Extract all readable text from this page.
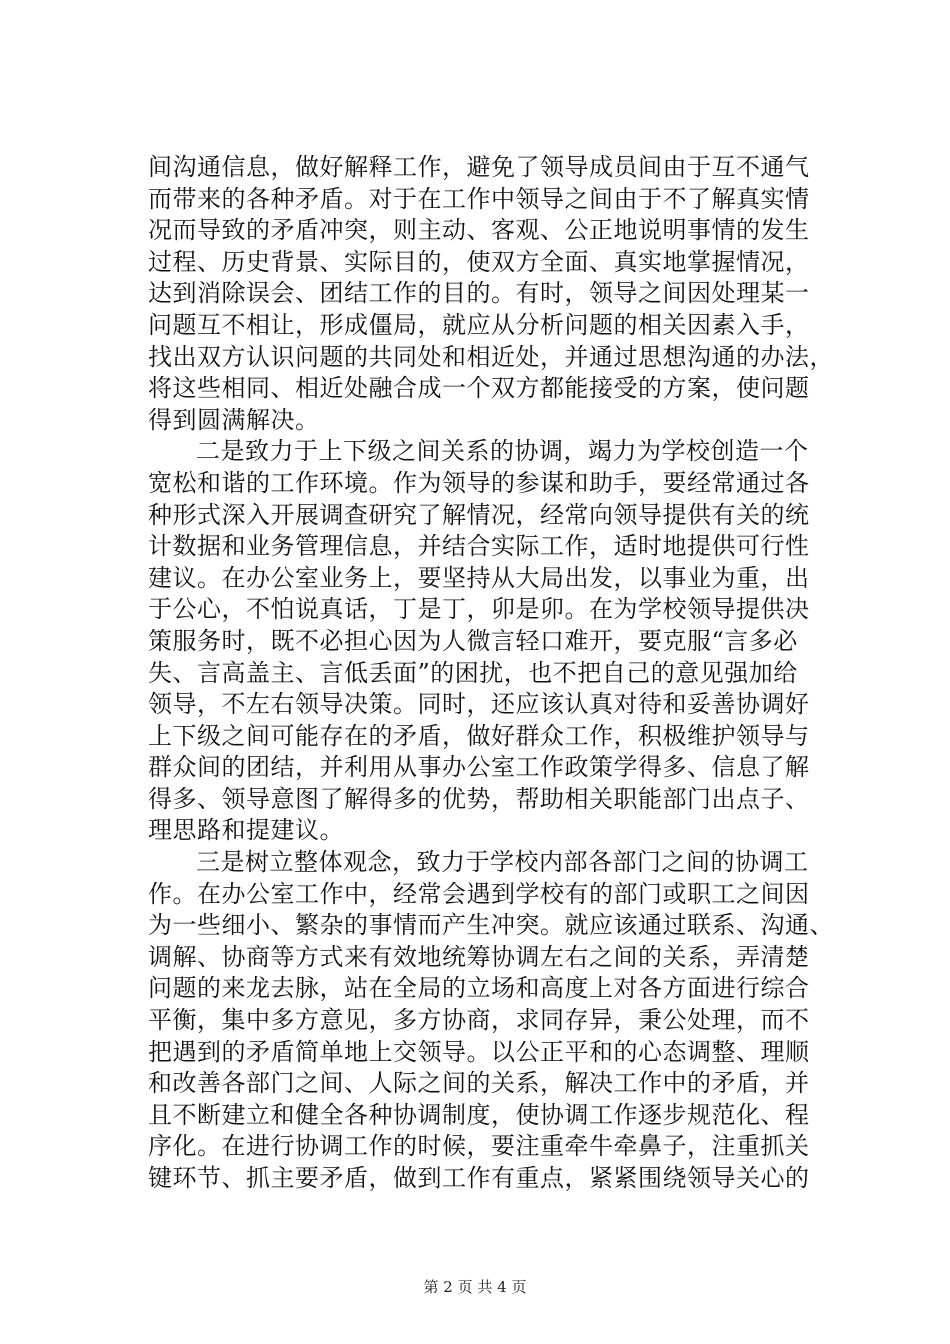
间沟通信息，做好解释工作，避免了领导成员间由于互不通气
而带来的各种矛盾。对于在工作中领导之间由于不了解真实情
况而导致的矛盾冲突，则主动、客观、公正地说明事情的发生
过程、历史背景、实际目的，使双方全面、真实地掌握情况，
达到消除误会、团结工作的目的。有时，领导之间因处理某一
问题互不相让，形成僵局，就应从分析问题的相关因素入手，
找出双方认识问题的共同处和相近处，并通过思想沟通的办法，
将这些相同、相近处融合成一个双方都能接受的方案，使问题
得到圆满解决。
二是致力于上下级之间关系的协调，竭力为学校创造一个
宽松和谐的工作环境。作为领导的参谋和助手，要经常通过各
种形式深入开展调查研究了解情况，经常向领导提供有关的统
计数据和业务管理信息，并结合实际工作，适时地提供可行性
建议。在办公室业务上，要坚持从大局出发，以事业为重，出
于公心，不怕说真话，丁是丁，卯是卯。在为学校领导提供决
策服务时，既不必担心因为人微言轻口难开，要克服“言多必
失、言高盖主、言低丢面”的困扰，也不把自己的意见强加给
领导，不左右领导决策。同时，还应该认真对待和妥善协调好
上下级之间可能存在的矛盾，做好群众工作，积极维护领导与
群众间的团结，并利用从事办公室工作政策学得多、信息了解
得多、领导意图了解得多的优势，帮助相关职能部门出点子、
理思路和提建议。
三是树立整体观念，致力于学校内部各部门之间的协调工
作。在办公室工作中，经常会遇到学校有的部门或职工之间因
为一些细小、繁杂的事情而产生冲突。就应该通过联系、沟通、
调解、协商等方式来有效地统筹协调左右之间的关系，弄清楚
问题的来龙去脉，站在全局的立场和高度上对各方面进行综合
平衡，集中多方意见，多方协商，求同存异，秉公处理，而不
把遇到的矛盾简单地上交领导。以公正平和的心态调整、理顺
和改善各部门之间、人际之间的关系，解决工作中的矛盾，并
且不断建立和健全各种协调制度，使协调工作逐步规范化、程
序化。在进行协调工作的时候，要注重牵牛牵鼻子，注重抓关
键环节、抓主要矛盾，做到工作有重点，紧紧围绕领导关心的
第 2 页 共 4 页
